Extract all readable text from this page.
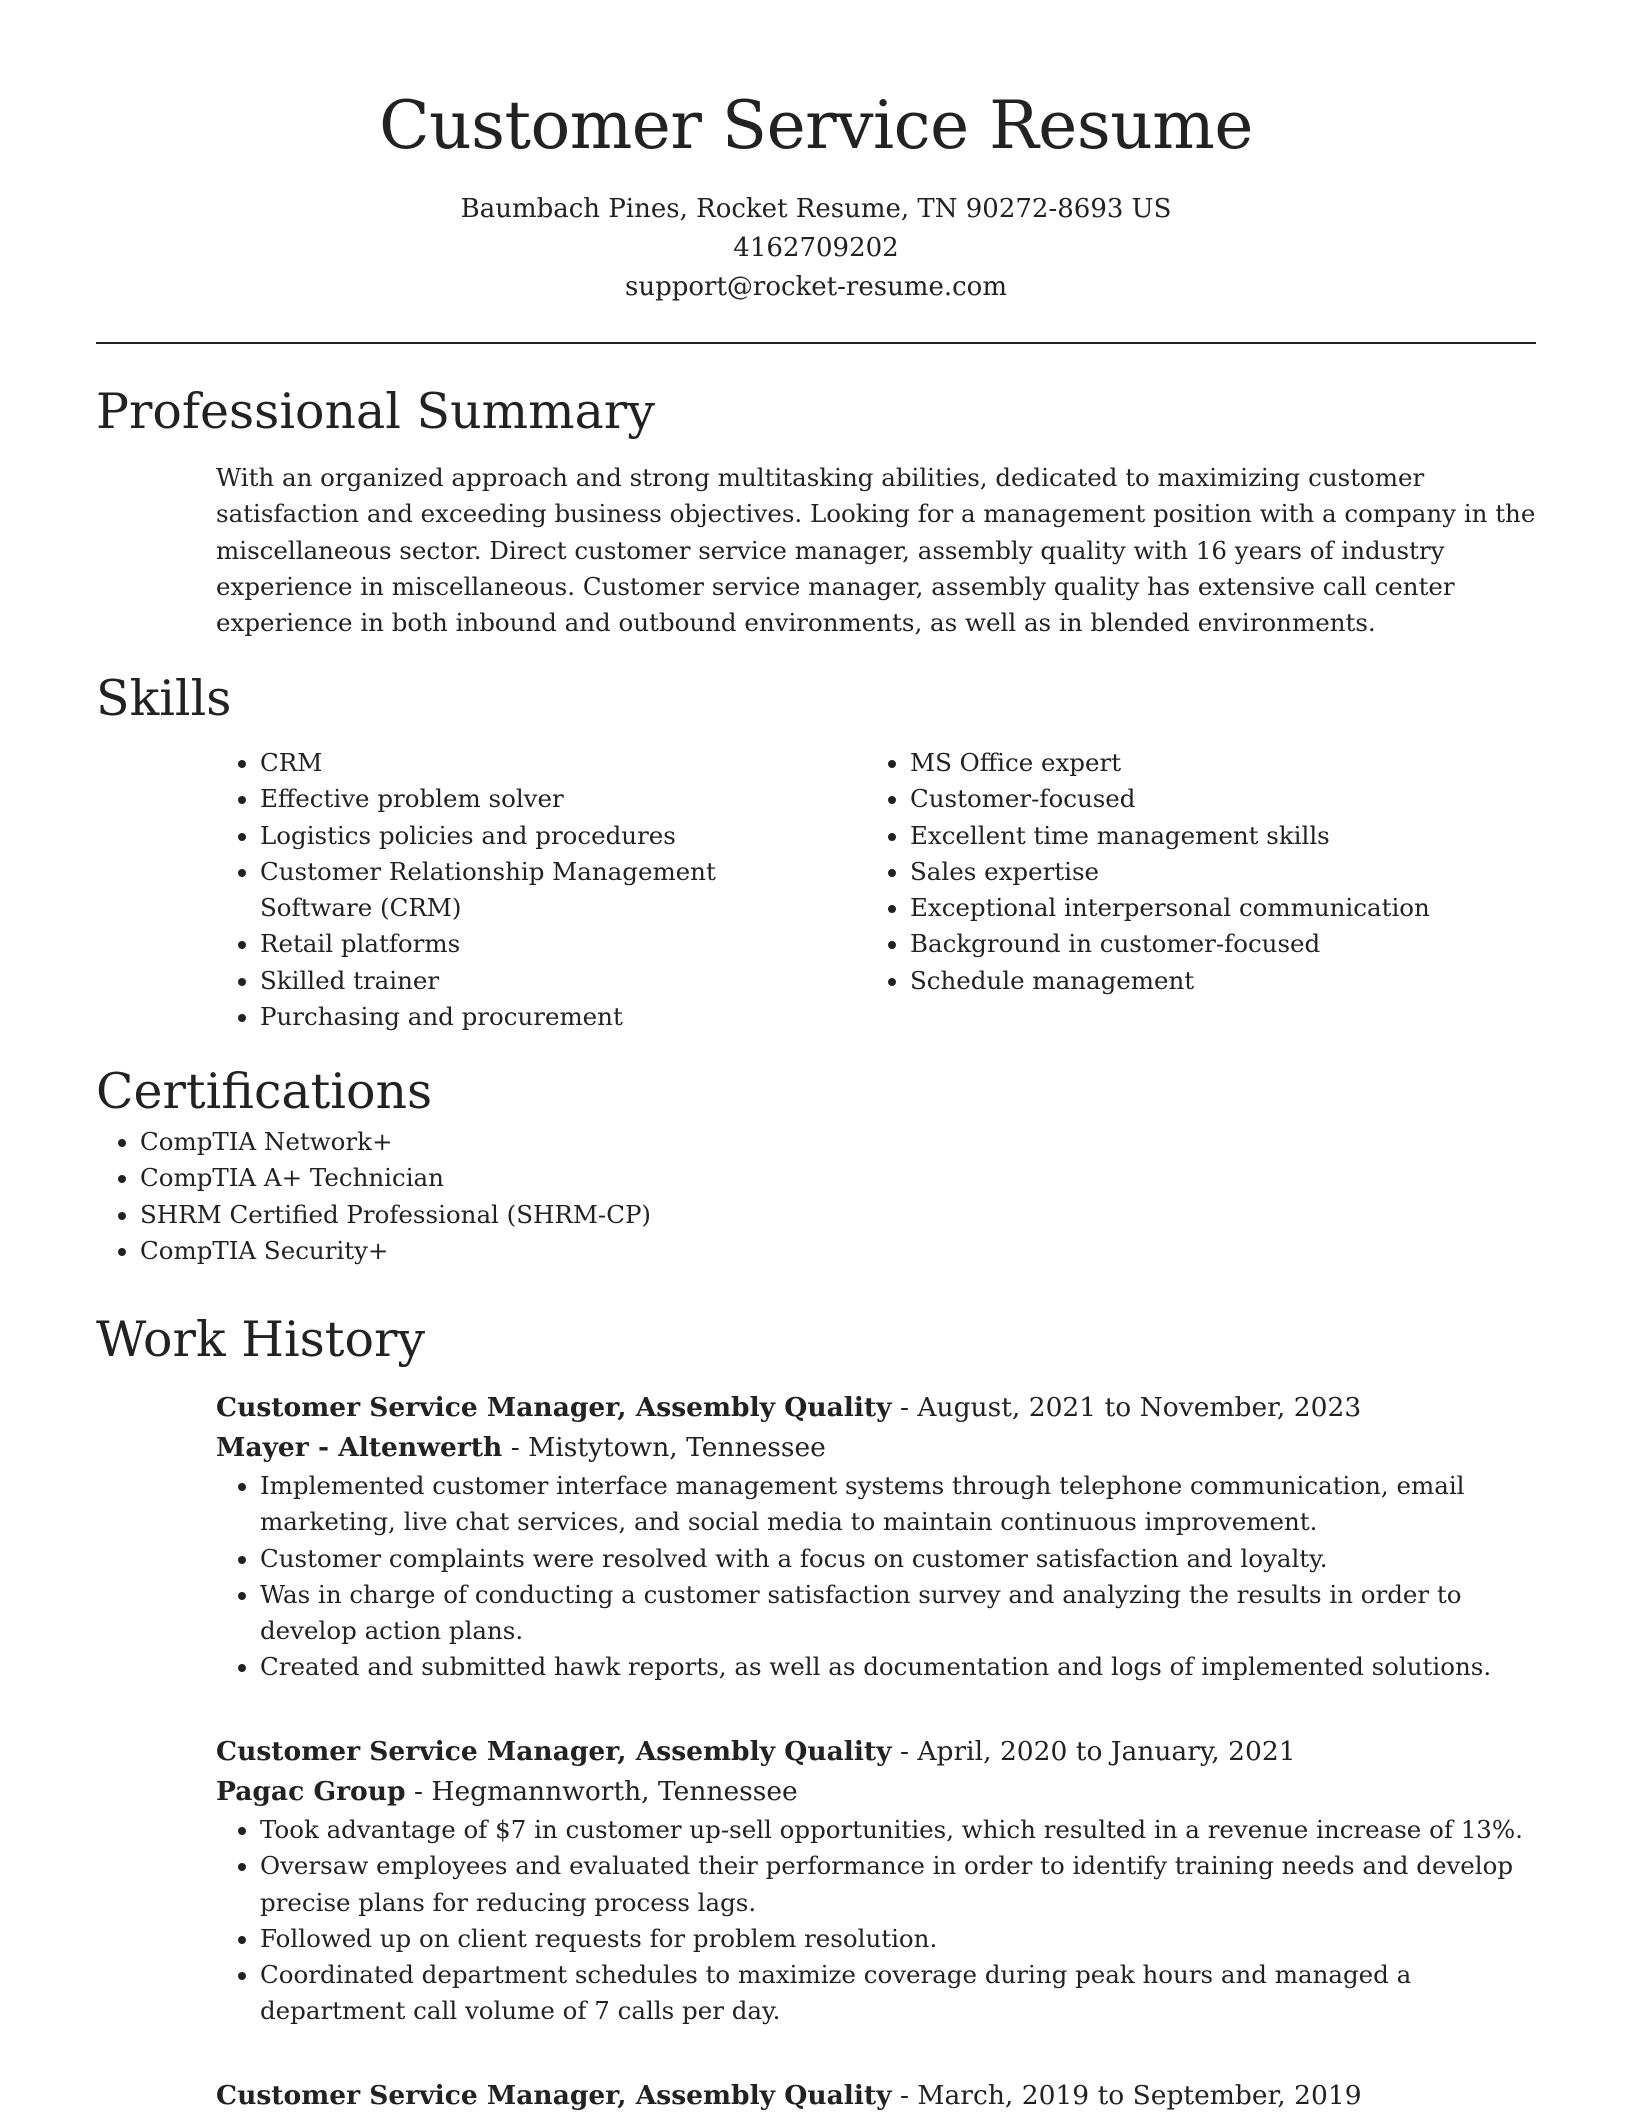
Customer Service Resume
Baumbach Pines, Rocket Resume, TN 90272-8693 US
4162709202
support@rocket-resume.com
Professional Summary
With an organized approach and strong multitasking abilities, dedicated to maximizing customer satisfaction and exceeding business objectives. Looking for a management position with a company in the miscellaneous sector. Direct customer service manager, assembly quality with 16 years of industry experience in miscellaneous. Customer service manager, assembly quality has extensive call center experience in both inbound and outbound environments, as well as in blended environments.
Skills
• CRM
• Effective problem solver
• Logistics policies and procedures
• Customer Relationship Management Software (CRM)
• Retail platforms
• Skilled trainer
• Purchasing and procurement
• MS Office expert
• Customer-focused
• Excellent time management skills
• Sales expertise
• Exceptional interpersonal communication
• Background in customer-focused
• Schedule management
Certifications
• CompTIA Network+
• CompTIA A+ Technician
• SHRM Certified Professional (SHRM-CP)
• CompTIA Security+
Work History
Customer Service Manager, Assembly Quality - August, 2021 to November, 2023
Mayer - Altenwerth - Mistytown, Tennessee
• Implemented customer interface management systems through telephone communication, email marketing, live chat services, and social media to maintain continuous improvement.
• Customer complaints were resolved with a focus on customer satisfaction and loyalty.
• Was in charge of conducting a customer satisfaction survey and analyzing the results in order to develop action plans.
• Created and submitted hawk reports, as well as documentation and logs of implemented solutions.
Customer Service Manager, Assembly Quality - April, 2020 to January, 2021
Pagac Group - Hegmannworth, Tennessee
• Took advantage of $7 in customer up-sell opportunities, which resulted in a revenue increase of 13%.
• Oversaw employees and evaluated their performance in order to identify training needs and develop precise plans for reducing process lags.
• Followed up on client requests for problem resolution.
• Coordinated department schedules to maximize coverage during peak hours and managed a department call volume of 7 calls per day.
Customer Service Manager, Assembly Quality - March, 2019 to September, 2019
